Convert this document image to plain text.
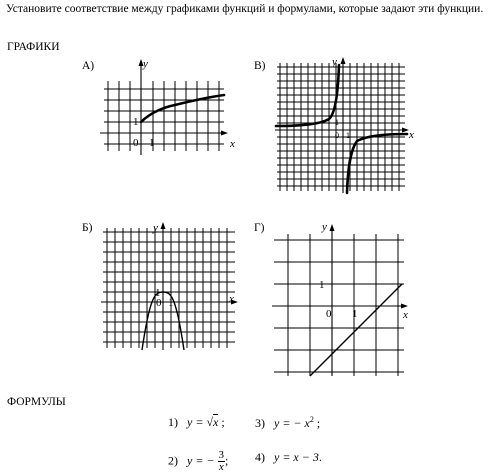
Установите соответствие между графиками функций и формулами, которые задают эти функции.
ГРАФИКИ
А)	y
x
0 1
1
В)	y
x
0 1
1
Б)	y
x
0 1
1
Г)	y
x
0 1
1
ФОРМУЛЫ
1) y = √x ;	3) y = − $x^2$ ;
2) y = − $\frac{3}{x}$ ; 4) y = x − 3.
